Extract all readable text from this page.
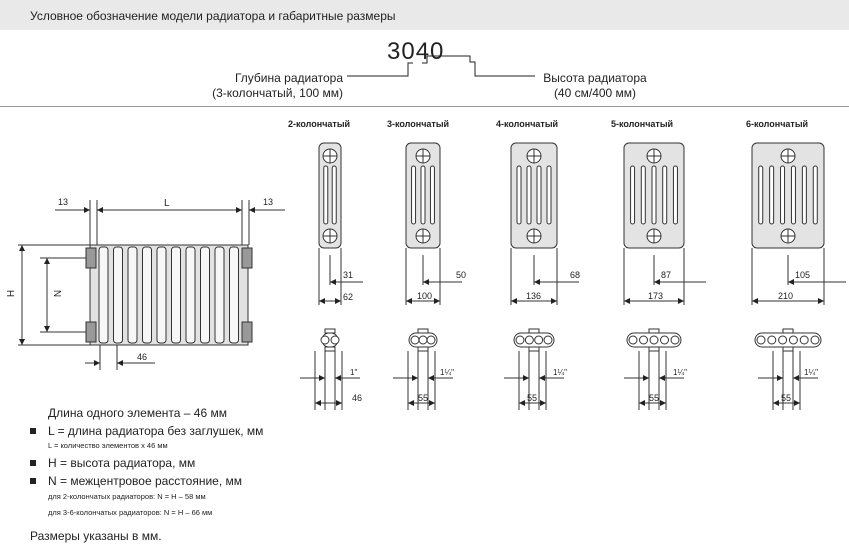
Условное обозначение модели радиатора и габаритные размеры
3040
Глубина радиатора
(3-колончатый, 100 мм)
Высота радиатора
(40 см/400 мм)
13	13
L
H	N
46
2-колончатый	3-колончатый	4-колончатый	5-колончатый	6-колончатый
31
62
50
100
68
136
87
173
105
210
1"
46
1¼"
55
1¼"
55
1¼"
55
1¼"
55
Длина одного элемента – 46 мм
L = длина радиатора без заглушек, мм
L = количество элементов x 46 мм
H = высота радиатора, мм
N = межцентровое расстояние, мм
для 2-колончатых радиаторов: N = H – 58 мм
для 3-6-колончатых радиаторов: N = H – 66 мм
Размеры указаны в мм.
